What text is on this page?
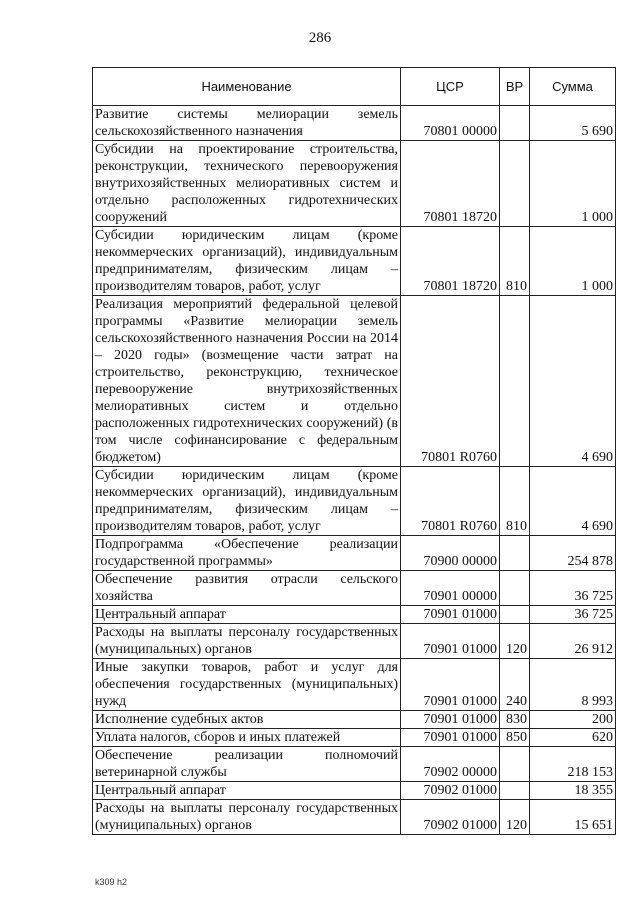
286
Наименование	ЦСР	ВР	Сумма
Развитие системы мелиорации земель сельскохозяйственного назначения	70801 00000		5 690
Субсидии на проектирование строительства, реконструкции, технического перевооружения внутрихозяйственных мелиоративных систем и отдельно расположенных гидротехнических сооружений	70801 18720		1 000
Субсидии юридическим лицам (кроме некоммерческих организаций), индивидуальным предпринимателям, физическим лицам – производителям товаров, работ, услуг	70801 18720	810	1 000
Реализация мероприятий федеральной целевой программы «Развитие мелиорации земель сельскохозяйственного назначения России на 2014 – 2020 годы» (возмещение части затрат на строительство, реконструкцию, техническое перевооружение внутрихозяйственных мелиоративных систем и отдельно расположенных гидротехнических сооружений) (в том числе софинансирование с федеральным бюджетом)	70801 R0760		4 690
Субсидии юридическим лицам (кроме некоммерческих организаций), индивидуальным предпринимателям, физическим лицам – производителям товаров, работ, услуг	70801 R0760	810	4 690
Подпрограмма «Обеспечение реализации государственной программы»	70900 00000		254 878
Обеспечение развития отрасли сельского хозяйства	70901 00000		36 725
Центральный аппарат	70901 01000		36 725
Расходы на выплаты персоналу государственных (муниципальных) органов	70901 01000	120	26 912
Иные закупки товаров, работ и услуг для обеспечения государственных (муниципальных) нужд	70901 01000	240	8 993
Исполнение судебных актов	70901 01000	830	200
Уплата налогов, сборов и иных платежей	70901 01000	850	620
Обеспечение реализации полномочий ветеринарной службы	70902 00000		218 153
Центральный аппарат	70902 01000		18 355
Расходы на выплаты персоналу государственных (муниципальных) органов	70902 01000	120	15 651
k309 h2
